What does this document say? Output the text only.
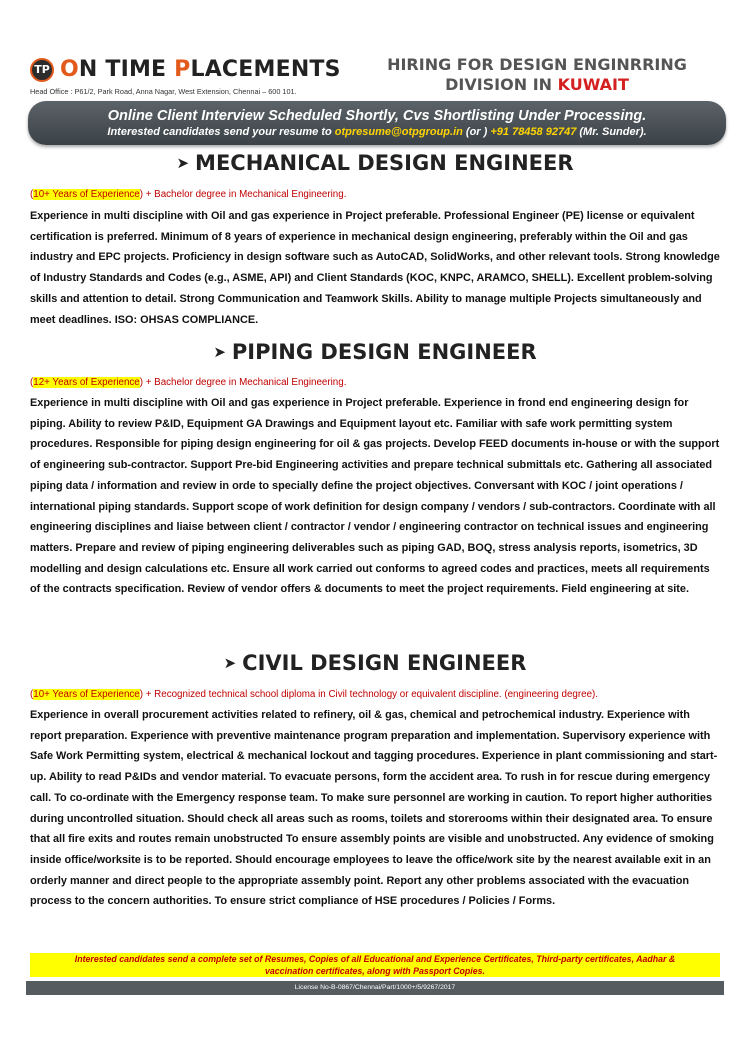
TP ON TIME PLACEMENTS
Head Office : P61/2, Park Road, Anna Nagar, West Extension, Chennai – 600 101.
HIRING FOR DESIGN ENGINRRING
DIVISION IN KUWAIT
Online Client Interview Scheduled Shortly, Cvs Shortlisting Under Processing.
Interested candidates send your resume to otpresume@otpgroup.in (or ) +91 78458 92747 (Mr. Sunder).
➤ MECHANICAL DESIGN ENGINEER
(10+ Years of Experience) + Bachelor degree in Mechanical Engineering.
Experience in multi discipline with Oil and gas experience in Project preferable. Professional Engineer (PE) license or equivalent certification is preferred. Minimum of 8 years of experience in mechanical design engineering, preferably within the Oil and gas industry and EPC projects. Proficiency in design software such as AutoCAD, SolidWorks, and other relevant tools. Strong knowledge of Industry Standards and Codes (e.g., ASME, API) and Client Standards (KOC, KNPC, ARAMCO, SHELL). Excellent problem-solving skills and attention to detail. Strong Communication and Teamwork Skills. Ability to manage multiple Projects simultaneously and meet deadlines. ISO: OHSAS COMPLIANCE.
➤ PIPING DESIGN ENGINEER
(12+ Years of Experience) + Bachelor degree in Mechanical Engineering.
Experience in multi discipline with Oil and gas experience in Project preferable. Experience in frond end engineering design for piping. Ability to review P&ID, Equipment GA Drawings and Equipment layout etc. Familiar with safe work permitting system procedures. Responsible for piping design engineering for oil & gas projects. Develop FEED documents in-house or with the support of engineering sub-contractor. Support Pre-bid Engineering activities and prepare technical submittals etc. Gathering all associated piping data / information and review in orde to specially define the project objectives. Conversant with KOC / joint operations / international piping standards. Support scope of work definition for design company / vendors / sub-contractors. Coordinate with all engineering disciplines and liaise between client / contractor / vendor / engineering contractor on technical issues and engineering matters. Prepare and review of piping engineering deliverables such as piping GAD, BOQ, stress analysis reports, isometrics, 3D modelling and design calculations etc. Ensure all work carried out conforms to agreed codes and practices, meets all requirements of the contracts specification. Review of vendor offers & documents to meet the project requirements. Field engineering at site.
➤ CIVIL DESIGN ENGINEER
(10+ Years of Experience) + Recognized technical school diploma in Civil technology or equivalent discipline. (engineering degree).
Experience in overall procurement activities related to refinery, oil & gas, chemical and petrochemical industry. Experience with report preparation. Experience with preventive maintenance program preparation and implementation. Supervisory experience with Safe Work Permitting system, electrical & mechanical lockout and tagging procedures. Experience in plant commissioning and start-up. Ability to read P&IDs and vendor material. To evacuate persons, form the accident area. To rush in for rescue during emergency call. To co-ordinate with the Emergency response team. To make sure personnel are working in caution. To report higher authorities during uncontrolled situation. Should check all areas such as rooms, toilets and storerooms within their designated area. To ensure that all fire exits and routes remain unobstructed To ensure assembly points are visible and unobstructed. Any evidence of smoking inside office/worksite is to be reported. Should encourage employees to leave the office/work site by the nearest available exit in an orderly manner and direct people to the appropriate assembly point. Report any other problems associated with the evacuation process to the concern authorities. To ensure strict compliance of HSE procedures / Policies / Forms.
Interested candidates send a complete set of Resumes, Copies of all Educational and Experience Certificates, Third-party certificates, Aadhar &
vaccination certificates, along with Passport Copies.
License No-B-0867/Chennai/Part/1000+/5/9267/2017
